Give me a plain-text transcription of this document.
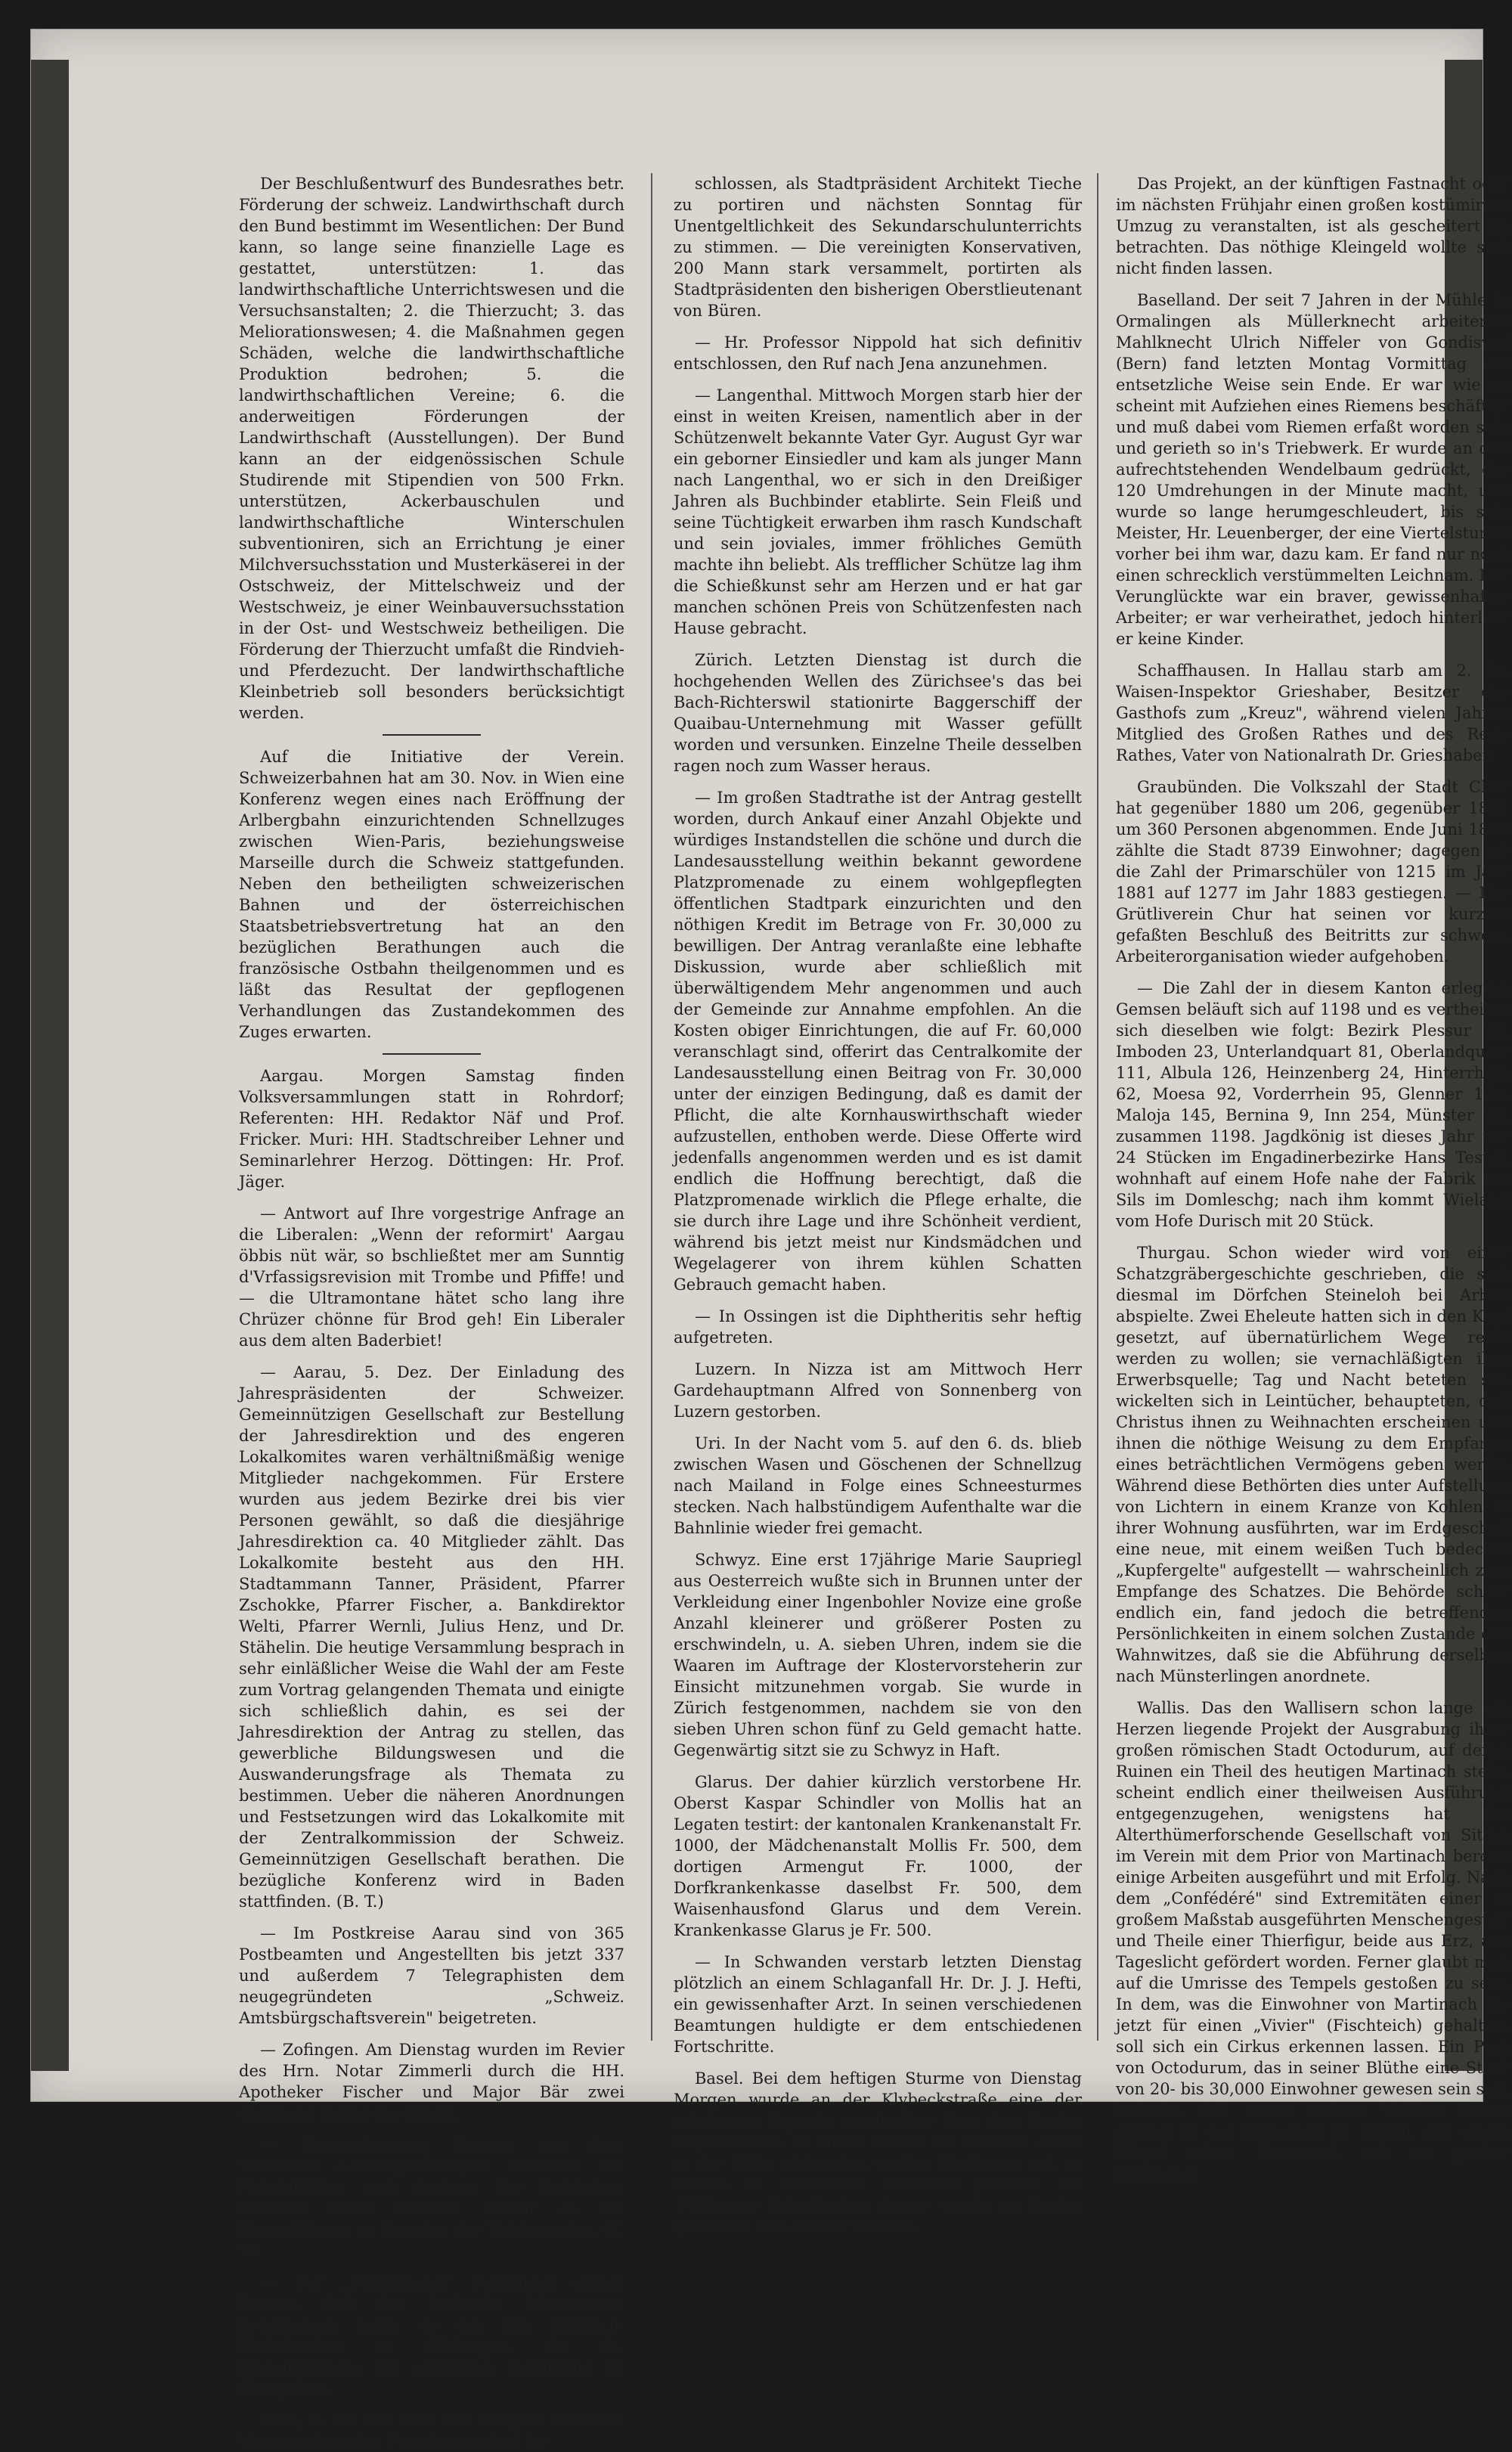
Der Beschlußentwurf des Bundesrathes betr. Förderung der schweiz. Landwirthschaft durch den Bund bestimmt im Wesentlichen: Der Bund kann, so lange seine finanzielle Lage es gestattet, unterstützen: 1. das landwirthschaftliche Unterrichtswesen und die Versuchsanstalten; 2. die Thierzucht; 3. das Meliorationswesen; 4. die Maßnahmen gegen Schäden, welche die landwirthschaftliche Produktion bedrohen; 5. die landwirthschaftlichen Vereine; 6. die anderweitigen Förderungen der Landwirthschaft (Ausstellungen). Der Bund kann an der eidgenössischen Schule Studirende mit Stipendien von 500 Frkn. unterstützen, Ackerbauschulen und landwirthschaftliche Winterschulen subventioniren, sich an Errichtung je einer Milchversuchsstation und Musterkäserei in der Ostschweiz, der Mittelschweiz und der Westschweiz, je einer Weinbauversuchsstation in der Ost- und Westschweiz betheiligen. Die Förderung der Thierzucht umfaßt die Rindvieh- und Pferdezucht. Der landwirthschaftliche Kleinbetrieb soll besonders berücksichtigt werden.

Auf die Initiative der Verein. Schweizerbahnen hat am 30. Nov. in Wien eine Konferenz wegen eines nach Eröffnung der Arlbergbahn einzurichtenden Schnellzuges zwischen Wien-Paris, beziehungsweise Marseille durch die Schweiz stattgefunden. Neben den betheiligten schweizerischen Bahnen und der österreichischen Staatsbetriebsvertretung hat an den bezüglichen Berathungen auch die französische Ostbahn theilgenommen und es läßt das Resultat der gepflogenen Verhandlungen das Zustandekommen des Zuges erwarten.

Aargau. Morgen Samstag finden Volksversammlungen statt in Rohrdorf; Referenten: HH. Redaktor Näf und Prof. Fricker. Muri: HH. Stadtschreiber Lehner und Seminarlehrer Herzog. Döttingen: Hr. Prof. Jäger.

— Antwort auf Ihre vorgestrige Anfrage an die Liberalen: „Wenn der reformirt' Aargau öbbis nüt wär, so bschließtet mer am Sunntig d'Vrfassigsrevision mit Trombe und Pfiffe! und — die Ultramontane hätet scho lang ihre Chrüzer chönne für Brod geh! Ein Liberaler aus dem alten Baderbiet!

— Aarau, 5. Dez. Der Einladung des Jahrespräsidenten der Schweizer. Gemeinnützigen Gesellschaft zur Bestellung der Jahresdirektion und des engeren Lokalkomites waren verhältnißmäßig wenige Mitglieder nachgekommen. Für Erstere wurden aus jedem Bezirke drei bis vier Personen gewählt, so daß die diesjährige Jahresdirektion ca. 40 Mitglieder zählt. Das Lokalkomite besteht aus den HH. Stadtammann Tanner, Präsident, Pfarrer Zschokke, Pfarrer Fischer, a. Bankdirektor Welti, Pfarrer Wernli, Julius Henz, und Dr. Stähelin. Die heutige Versammlung besprach in sehr einläßlicher Weise die Wahl der am Feste zum Vortrag gelangenden Themata und einigte sich schließlich dahin, es sei der Jahresdirektion der Antrag zu stellen, das gewerbliche Bildungswesen und die Auswanderungsfrage als Themata zu bestimmen. Ueber die näheren Anordnungen und Festsetzungen wird das Lokalkomite mit der Zentralkommission der Schweiz. Gemeinnützigen Gesellschaft berathen. Die bezügliche Konferenz wird in Baden stattfinden. (B. T.)

— Im Postkreise Aarau sind von 365 Postbeamten und Angestellten bis jetzt 337 und außerdem 7 Telegraphisten dem neugegründeten „Schweiz. Amtsbürgschaftsverein" beigetreten.

— Zofingen. Am Dienstag wurden im Revier des Hrn. Notar Zimmerli durch die HH. Apotheker Fischer und Major Bär zwei stattliche Rehböcke erlegt.

— Dreiundzwanzig Bürger aus dem Wahlkreis Aarburg-Oftringen, darunter die Notabilitäten und Spitzen der Behörden, erlassen einen warmen Aufruf an die Stimmfähigen zu Gunsten der Totalrevision. (Z. T.)

— Der „Fricktthaler" verkündet seinen Lesern, daß das badische Ministerium beschlossen habe, es sei den Römisch-Katholischen in Säckingen die St. Fridolinskirche zur alleinigen Benutzung zu übergeben.

Bern, 6. Die von über 400 Bürgern besuchte Versammlung der Freisinnigen hat be-

schlossen, als Stadtpräsident Architekt Tieche zu portiren und nächsten Sonntag für Unentgeltlichkeit des Sekundarschulunterrichts zu stimmen. — Die vereinigten Konservativen, 200 Mann stark versammelt, portirten als Stadtpräsidenten den bisherigen Oberstlieutenant von Büren.

— Hr. Professor Nippold hat sich definitiv entschlossen, den Ruf nach Jena anzunehmen.

— Langenthal. Mittwoch Morgen starb hier der einst in weiten Kreisen, namentlich aber in der Schützenwelt bekannte Vater Gyr. August Gyr war ein geborner Einsiedler und kam als junger Mann nach Langenthal, wo er sich in den Dreißiger Jahren als Buchbinder etablirte. Sein Fleiß und seine Tüchtigkeit erwarben ihm rasch Kundschaft und sein joviales, immer fröhliches Gemüth machte ihn beliebt. Als trefflicher Schütze lag ihm die Schießkunst sehr am Herzen und er hat gar manchen schönen Preis von Schützenfesten nach Hause gebracht.

Zürich. Letzten Dienstag ist durch die hochgehenden Wellen des Zürichsee's das bei Bach-Richterswil stationirte Baggerschiff der Quaibau-Unternehmung mit Wasser gefüllt worden und versunken. Einzelne Theile desselben ragen noch zum Wasser heraus.

— Im großen Stadtrathe ist der Antrag gestellt worden, durch Ankauf einer Anzahl Objekte und würdiges Instandstellen die schöne und durch die Landesausstellung weithin bekannt gewordene Platzpromenade zu einem wohlgepflegten öffentlichen Stadtpark einzurichten und den nöthigen Kredit im Betrage von Fr. 30,000 zu bewilligen. Der Antrag veranlaßte eine lebhafte Diskussion, wurde aber schließlich mit überwältigendem Mehr angenommen und auch der Gemeinde zur Annahme empfohlen. An die Kosten obiger Einrichtungen, die auf Fr. 60,000 veranschlagt sind, offerirt das Centralkomite der Landesausstellung einen Beitrag von Fr. 30,000 unter der einzigen Bedingung, daß es damit der Pflicht, die alte Kornhauswirthschaft wieder aufzustellen, enthoben werde. Diese Offerte wird jedenfalls angenommen werden und es ist damit endlich die Hoffnung berechtigt, daß die Platzpromenade wirklich die Pflege erhalte, die sie durch ihre Lage und ihre Schönheit verdient, während bis jetzt meist nur Kindsmädchen und Wegelagerer von ihrem kühlen Schatten Gebrauch gemacht haben.

— In Ossingen ist die Diphtheritis sehr heftig aufgetreten.

Luzern. In Nizza ist am Mittwoch Herr Gardehauptmann Alfred von Sonnenberg von Luzern gestorben.

Uri. In der Nacht vom 5. auf den 6. ds. blieb zwischen Wasen und Göschenen der Schnellzug nach Mailand in Folge eines Schneesturmes stecken. Nach halbstündigem Aufenthalte war die Bahnlinie wieder frei gemacht.

Schwyz. Eine erst 17jährige Marie Saupriegl aus Oesterreich wußte sich in Brunnen unter der Verkleidung einer Ingenbohler Novize eine große Anzahl kleinerer und größerer Posten zu erschwindeln, u. A. sieben Uhren, indem sie die Waaren im Auftrage der Klostervorsteherin zur Einsicht mitzunehmen vorgab. Sie wurde in Zürich festgenommen, nachdem sie von den sieben Uhren schon fünf zu Geld gemacht hatte. Gegenwärtig sitzt sie zu Schwyz in Haft.

Glarus. Der dahier kürzlich verstorbene Hr. Oberst Kaspar Schindler von Mollis hat an Legaten testirt: der kantonalen Krankenanstalt Fr. 1000, der Mädchenanstalt Mollis Fr. 500, dem dortigen Armengut Fr. 1000, der Dorfkrankenkasse daselbst Fr. 500, dem Waisenhausfond Glarus und dem Verein. Krankenkasse Glarus je Fr. 500.

— In Schwanden verstarb letzten Dienstag plötzlich an einem Schlaganfall Hr. Dr. J. J. Hefti, ein gewissenhafter Arzt. In seinen verschiedenen Beamtungen huldigte er dem entschiedenen Fortschritte.

Basel. Bei dem heftigen Sturme von Dienstag Morgen wurde an der Klybeckstraße eine der mächtigen Pappeln unmittelbar über dem Boden abgebrochen. In ihrem Sturze riß dieselbe einen in der Nähe stehenden großen Nußbaum mit zu Boden. In demselben Momente passirte ein 14jähriger Schulknabe; dieser wurde zu Boden geworfen und schwer verletzt.

Das Projekt, an der künftigen Fastnacht oder im nächsten Frühjahr einen großen kostümirten Umzug zu veranstalten, ist als gescheitert zu betrachten. Das nöthige Kleingeld wollte sich nicht finden lassen.

Baselland. Der seit 7 Jahren in der Mühle in Ormalingen als Müllerknecht arbeitende Mahlknecht Ulrich Niffeler von Gondiswyl (Bern) fand letzten Montag Vormittag auf entsetzliche Weise sein Ende. Er war wie es scheint mit Aufziehen eines Riemens beschäftigt und muß dabei vom Riemen erfaßt worden sein und gerieth so in's Triebwerk. Er wurde an den aufrechtstehenden Wendelbaum gedrückt, der 120 Umdrehungen in der Minute macht, und wurde so lange herumgeschleudert, bis sein Meister, Hr. Leuenberger, der eine Viertelstunde vorher bei ihm war, dazu kam. Er fand nur noch einen schrecklich verstümmelten Leichnam. Der Verunglückte war ein braver, gewissenhafter Arbeiter; er war verheirathet, jedoch hinterläßt er keine Kinder.

Schaffhausen. In Hallau starb am 2. ds. Waisen-Inspektor Grieshaber, Besitzer des Gasthofs zum „Kreuz", während vielen Jahren Mitglied des Großen Rathes und des Reg.-Rathes, Vater von Nationalrath Dr. Grieshaber.

Graubünden. Die Volkszahl der Stadt Chur hat gegenüber 1880 um 206, gegenüber 1881 um 360 Personen abgenommen. Ende Juni 1883 zählte die Stadt 8739 Einwohner; dagegen ist die Zahl der Primarschüler von 1215 im Jahr 1881 auf 1277 im Jahr 1883 gestiegen. — Der Grütliverein Chur hat seinen vor kurzem gefaßten Beschluß des Beitritts zur schweiz. Arbeiterorganisation wieder aufgehoben.

— Die Zahl der in diesem Kanton erlegten Gemsen beläuft sich auf 1198 und es vertheilen sich dieselben wie folgt: Bezirk Plessur 28, Imboden 23, Unterlandquart 81, Oberlandquart 111, Albula 126, Heinzenberg 24, Hinterrhein 62, Moesa 92, Vorderrhein 95, Glenner 120, Maloja 145, Bernina 9, Inn 254, Münster 24, zusammen 1198. Jagdkönig ist dieses Jahr mit 24 Stücken im Engadinerbezirke Hans Tester, wohnhaft auf einem Hofe nahe der Fabrik bei Sils im Domleschg; nach ihm kommt Wieland vom Hofe Durisch mit 20 Stück.

Thurgau. Schon wieder wird von einer Schatzgräbergeschichte geschrieben, die sich diesmal im Dörfchen Steineloh bei Arbon abspielte. Zwei Eheleute hatten sich in den Kopf gesetzt, auf übernatürlichem Wege reich werden zu wollen; sie vernachläßigten ihre Erwerbsquelle; Tag und Nacht beteten sie, wickelten sich in Leintücher, behaupteten, daß Christus ihnen zu Weihnachten erscheinen und ihnen die nöthige Weisung zu dem Empfange eines beträchtlichen Vermögens geben werde. Während diese Bethörten dies unter Aufstellung von Lichtern in einem Kranze von Kohlen in ihrer Wohnung ausführten, war im Erdgeschoß eine neue, mit einem weißen Tuch bedeckte „Kupfergelte" aufgestellt — wahrscheinlich zum Empfange des Schatzes. Die Behörde schritt endlich ein, fand jedoch die betreffenden Persönlichkeiten in einem solchen Zustande des Wahnwitzes, daß sie die Abführung derselben nach Münsterlingen anordnete.

Wallis. Das den Wallisern schon lange am Herzen liegende Projekt der Ausgrabung ihrer großen römischen Stadt Octodurum, auf deren Ruinen ein Theil des heutigen Martinach steht, scheint endlich einer theilweisen Ausführung entgegenzugehen, wenigstens hat die Alterthümerforschende Gesellschaft von Sitten im Verein mit dem Prior von Martinach bereits einige Arbeiten ausgeführt und mit Erfolg. Nach dem „Confédéré" sind Extremitäten einer in großem Maßstab ausgeführten Menschengestalt und Theile einer Thierfigur, beide aus Erz, ans Tageslicht gefördert worden. Ferner glaubt man auf die Umrisse des Tempels gestoßen zu sein. In dem, was die Einwohner von Martinach bis jetzt für einen „Vivier" (Fischteich) gehalten, soll sich ein Cirkus erkennen lassen. Ein Plan von Octodurum, das in seiner Blüthe eine Stadt von 20- bis 30,000 Einwohner gewesen sein soll, befindet sich einem andern Walliser Blatte zufolge in der Bibliothek zu Rimini. Auf einem Hügel neben Martinach soll ein großer römischer
